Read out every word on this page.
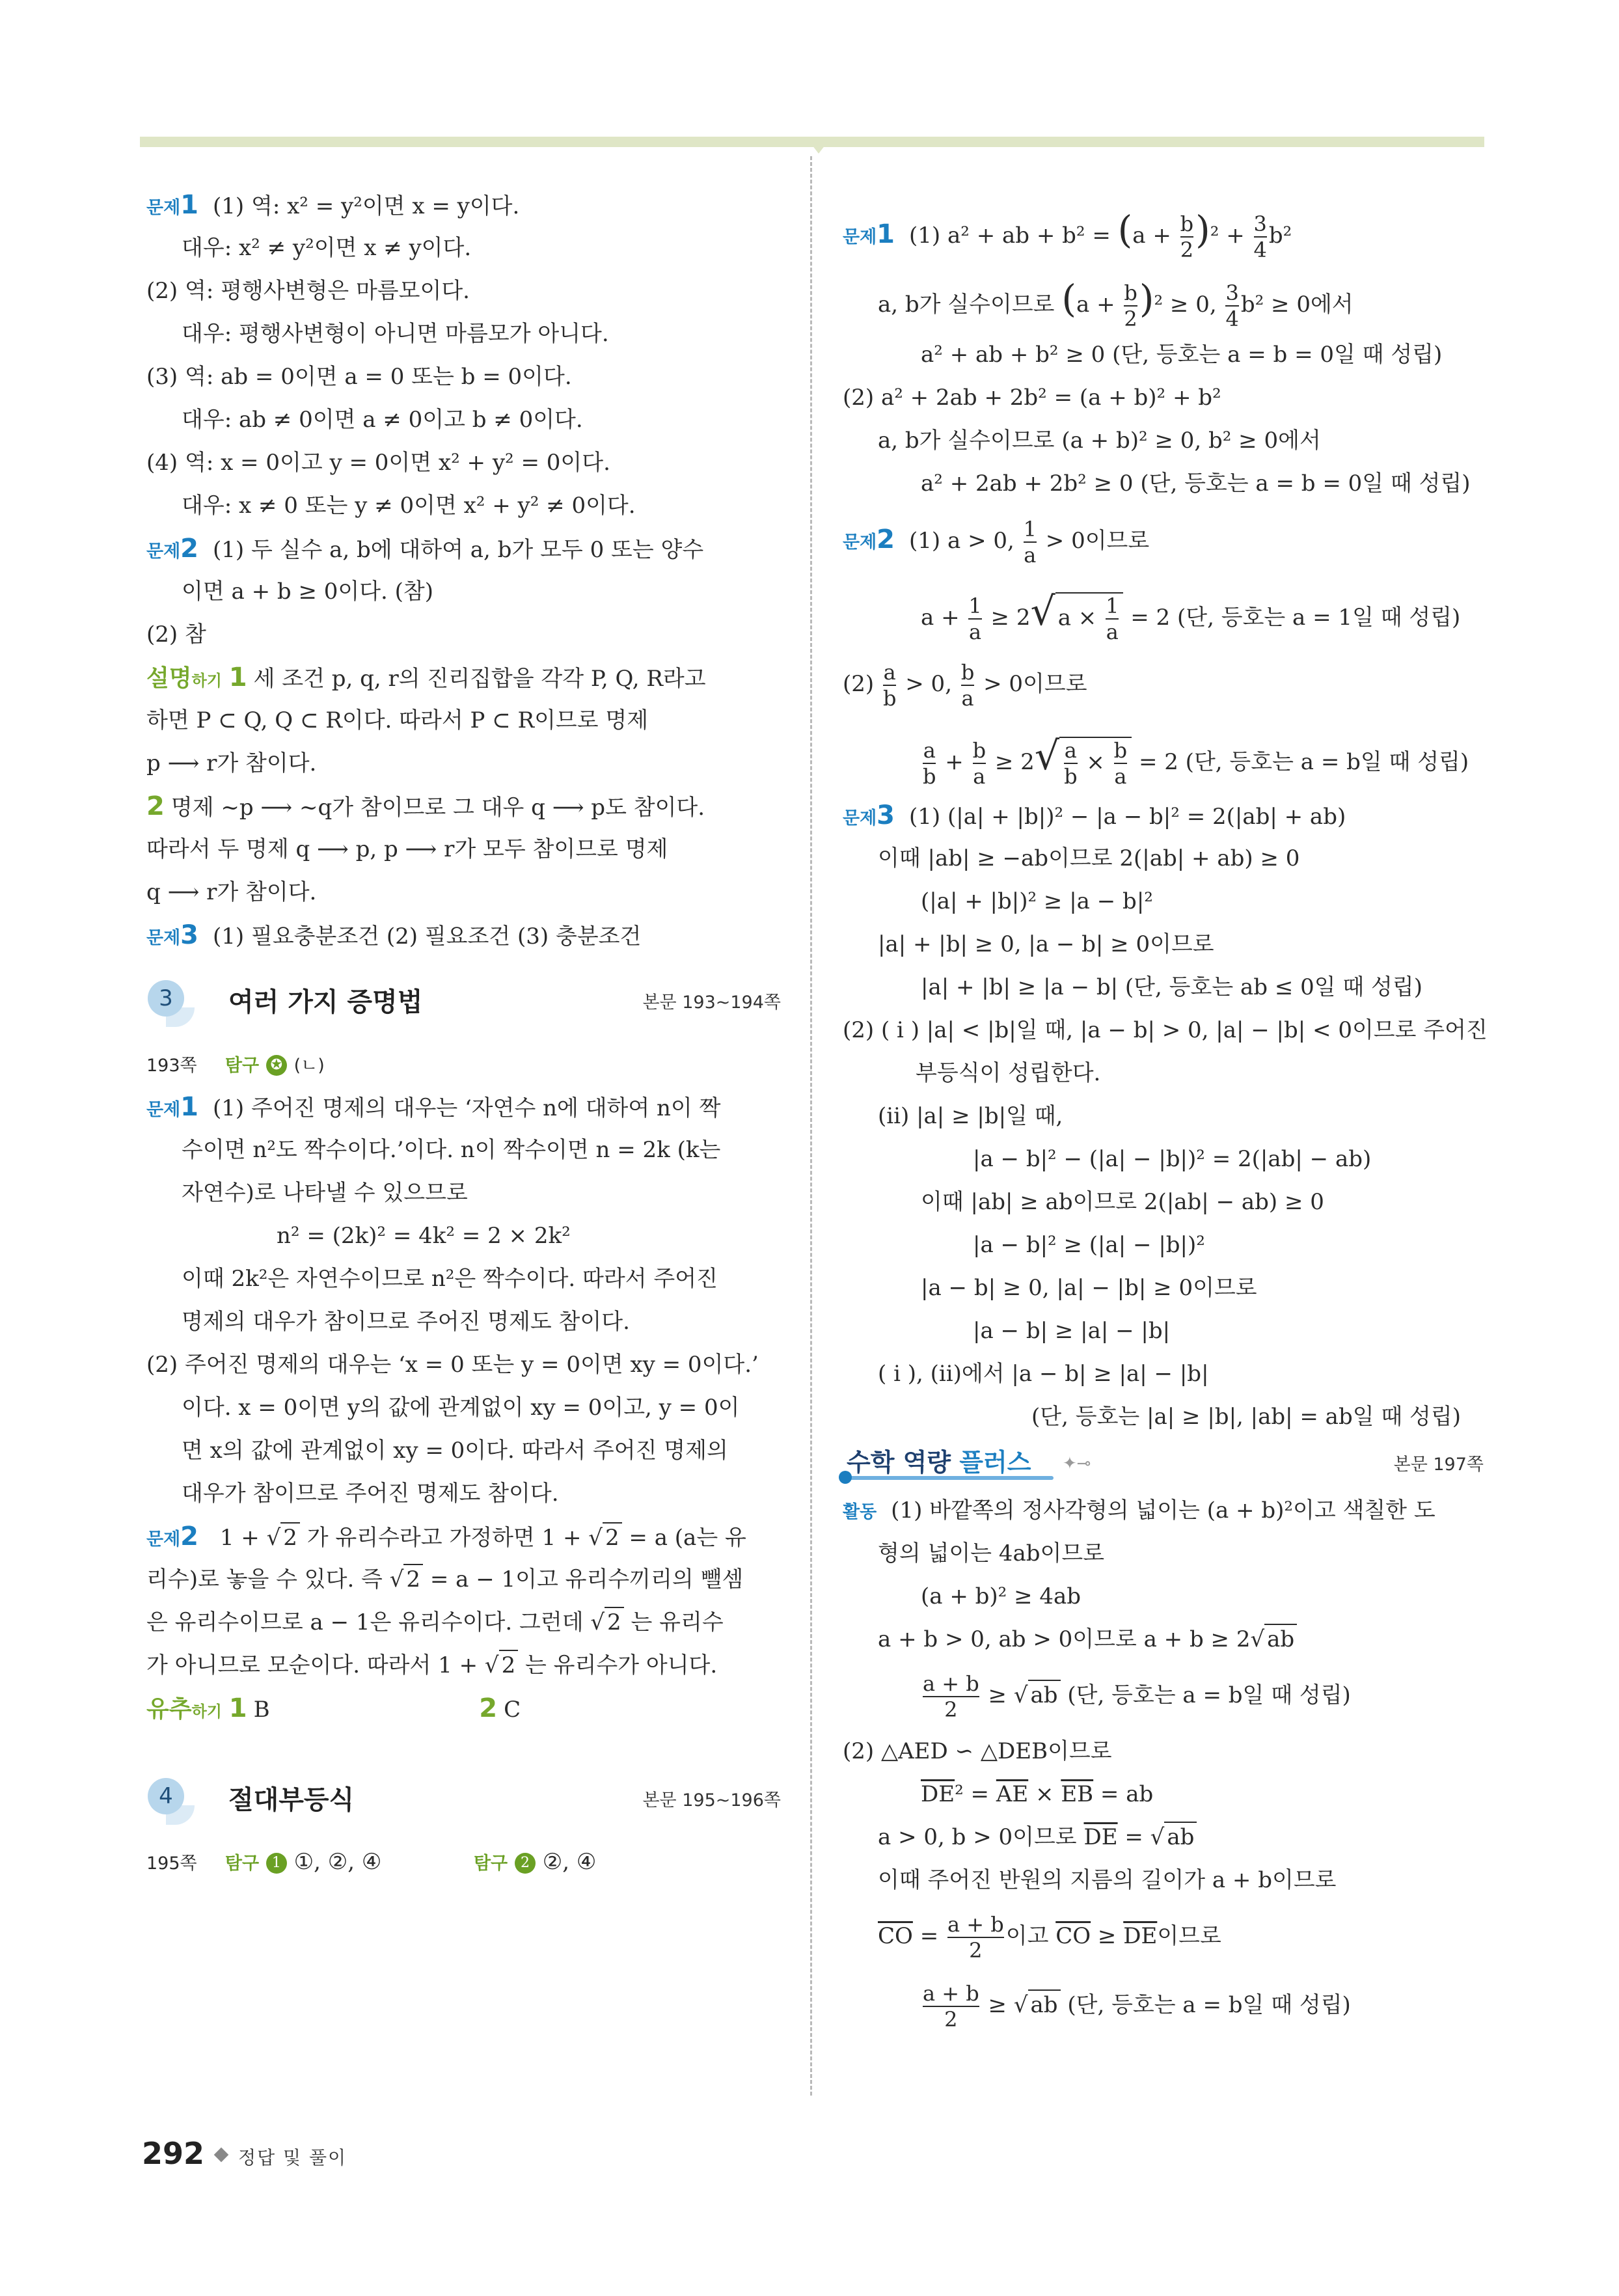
문제1 (1) 역: x² = y²이면 x = y이다.
대우: x² ≠ y²이면 x ≠ y이다.
(2) 역: 평행사변형은 마름모이다.
대우: 평행사변형이 아니면 마름모가 아니다.
(3) 역: ab = 0이면 a = 0 또는 b = 0이다.
대우: ab ≠ 0이면 a ≠ 0이고 b ≠ 0이다.
(4) 역: x = 0이고 y = 0이면 x² + y² = 0이다.
대우: x ≠ 0 또는 y ≠ 0이면 x² + y² ≠ 0이다.
문제2 (1) 두 실수 a, b에 대하여 a, b가 모두 0 또는 양수
이면 a + b ≥ 0이다. (참)
(2) 참
설명하기 1 세 조건 p, q, r의 진리집합을 각각 P, Q, R라고
하면 P ⊂ Q, Q ⊂ R이다. 따라서 P ⊂ R이므로 명제
p ⟶ r가 참이다.
2 명제 ~p ⟶ ~q가 참이므로 그 대우 q ⟶ p도 참이다.
따라서 두 명제 q ⟶ p, p ⟶ r가 모두 참이므로 명제
q ⟶ r가 참이다.
문제3 (1) 필요충분조건 (2) 필요조건 (3) 충분조건
3	여러 가지 증명법	본문 193~194쪽
193쪽 탐구 ✪ (ㄴ)
문제1 (1) 주어진 명제의 대우는 ‘자연수 n에 대하여 n이 짝
수이면 n²도 짝수이다.’이다. n이 짝수이면 n = 2k (k는
자연수)로 나타낼 수 있으므로
n² = (2k)² = 4k² = 2 × 2k²
이때 2k²은 자연수이므로 n²은 짝수이다. 따라서 주어진
명제의 대우가 참이므로 주어진 명제도 참이다.
(2) 주어진 명제의 대우는 ‘x = 0 또는 y = 0이면 xy = 0이다.’
이다. x = 0이면 y의 값에 관계없이 xy = 0이고, y = 0이
면 x의 값에 관계없이 xy = 0이다. 따라서 주어진 명제의
대우가 참이므로 주어진 명제도 참이다.
문제2 1 + √ 2 가 유리수라고 가정하면 1 + √ 2 = a (a는 유
리수)로 놓을 수 있다. 즉 √ 2 = a − 1이고 유리수끼리의 뺄셈
은 유리수이므로 a − 1은 유리수이다. 그런데 √ 2 는 유리수
가 아니므로 모순이다. 따라서 1 + √ 2 는 유리수가 아니다.
유추하기 1 B	2 C
4	절대부등식	본문 195~196쪽
195쪽 탐구 1 ①, ②, ④	탐구 2 ②, ④
문제1 (1) a² + ab + $b^2 = (a + \frac{b}{2} )^2 + \frac{3}{4} b^2$
a, b가 실수이므로 $(a + \frac{b}{2} )^2 \ge 0$, $\frac{3}{4} b^2 \ge 0$에서
a² + ab + b² ≥ 0 (단, 등호는 a = b = 0일 때 성립)
(2) a² + 2ab + 2b² = (a + b)² + b²
a, b가 실수이므로 (a + b)² ≥ 0, b² ≥ 0에서
a² + 2ab + 2b² ≥ 0 (단, 등호는 a = b = 0일 때 성립)
문제2 (1) a > 0, $\frac{1}{a} > 0$이므로
$a + \frac{1}{a} \ge 2√$ $a \times \frac{1}{a} = 2$ (단, 등호는 a = 1일 때 성립)
$(2) \frac{a}{b} > 0$, $\frac{b}{a} > 0$이므로
$\frac{a}{b} + \frac{b}{a} \ge 2√ \frac{a}{b} \times \frac{b}{a} = 2$ (단, 등호는 a = b일 때 성립)
문제3 (1) (|a| + |b|)² − |a − b|² = 2(|ab| + ab)
이때 |ab| ≥ −ab이므로 2(|ab| + ab) ≥ 0
(|a| + |b|)² ≥ |a − b|²
|a| + |b| ≥ 0, |a − b| ≥ 0이므로
|a| + |b| ≥ |a − b| (단, 등호는 ab ≤ 0일 때 성립)
(2) ( i ) |a| < |b|일 때, |a − b| > 0, |a| − |b| < 0이므로 주어진
부등식이 성립한다.
(ii) |a| ≥ |b|일 때,
|a − b|² − (|a| − |b|)² = 2(|ab| − ab)
이때 |ab| ≥ ab이므로 2(|ab| − ab) ≥ 0
|a − b|² ≥ (|a| − |b|)²
|a − b| ≥ 0, |a| − |b| ≥ 0이므로
|a − b| ≥ |a| − |b|
( i ), (ii)에서 |a − b| ≥ |a| − |b|
(단, 등호는 |a| ≥ |b|, |ab| = ab일 때 성립)
수학 역량 플러스 ✦⊸	본문 197쪽
활동 (1) 바깥쪽의 정사각형의 넓이는 (a + b)²이고 색칠한 도
형의 넓이는 4ab이므로
(a + b)² ≥ 4ab
a + b > 0, ab > 0이므로 a + b ≥ 2√ ab
$\frac{a + b}{2}$ ≥ √ ab (단, 등호는 a = b일 때 성립)
(2) △AED ∽ △DEB이므로
$\overline{DE}^2 = \overline{AE} \times \overline{EB}$ = ab
a > 0, b > 0이므로 $\overline{DE}$ = √ ab
이때 주어진 반원의 지름의 길이가 a + b이므로
$\overline{CO} = \frac{a + b}{2}$ 이고 $\overline{CO} \ge \overline{DE}$이므로
$\frac{a + b}{2}$ ≥ √ ab (단, 등호는 a = b일 때 성립)
292 정답 및 풀이
